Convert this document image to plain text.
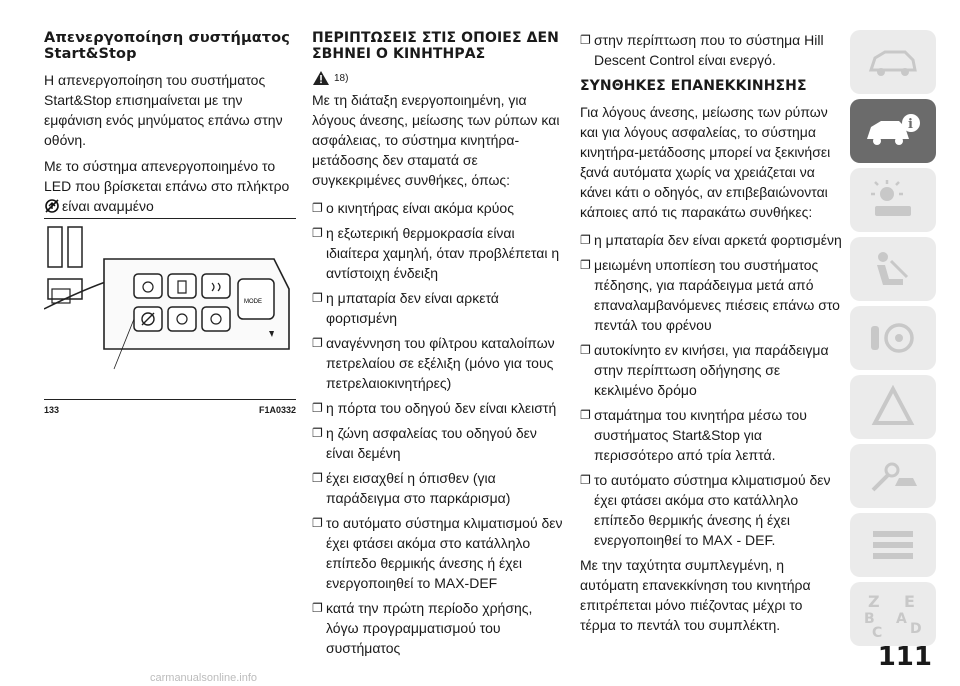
Απενεργοποίηση συστήματος Start&Stop
Η απενεργοποίηση του συστήματος Start&Stop επισημαίνεται με την εμφάνιση ενός μηνύματος επάνω στην οθόνη.
Με το σύστημα απενεργοποιημένο το LED που βρίσκεται επάνω στο πλήκτρο
είναι αναμμένο
MODE
133	F1A0332
ΠΕΡΙΠΤΩΣΕΙΣ ΣΤΙΣ ΟΠΟΙΕΣ ΔΕΝ ΣΒΗΝΕΙ Ο ΚΙΝΗΤΗΡΑΣ
18)
Με τη διάταξη ενεργοποιημένη, για λόγους άνεσης, μείωσης των ρύπων και ασφάλειας, το σύστημα κινητήρα-μετάδοσης δεν σταματά σε συγκεκριμένες συνθήκες, όπως:
❐ ο κινητήρας είναι ακόμα κρύος
❐ η εξωτερική θερμοκρασία είναι ιδιαίτερα χαμηλή, όταν προβλέπεται η αντίστοιχη ένδειξη
❐ η μπαταρία δεν είναι αρκετά φορτισμένη
❐ αναγέννηση του φίλτρου καταλοίπων πετρελαίου σε εξέλιξη (μόνο για τους πετρελαιοκινητήρες)
❐ η πόρτα του οδηγού δεν είναι κλειστή
❐ η ζώνη ασφαλείας του οδηγού δεν είναι δεμένη
❐ έχει εισαχθεί η όπισθεν (για παράδειγμα στο παρκάρισμα)
❐ το αυτόματο σύστημα κλιματισμού δεν έχει φτάσει ακόμα στο κατάλληλο επίπεδο θερμικής άνεσης ή έχει ενεργοποιηθεί το MAX-DEF
❐ κατά την πρώτη περίοδο χρήσης, λόγω προγραμματισμού του συστήματος
❐ στην περίπτωση που το σύστημα Hill Descent Control είναι ενεργό.
ΣΥΝΘΗΚΕΣ ΕΠΑΝΕΚΚΙΝΗΣΗΣ
Για λόγους άνεσης, μείωσης των ρύπων και για λόγους ασφαλείας, το σύστημα κινητήρα-μετάδοσης μπορεί να ξεκινήσει ξανά αυτόματα χωρίς να χρειάζεται να κάνει κάτι ο οδηγός, αν επιβεβαιώνονται κάποιες από τις παρακάτω συνθήκες:
❐ η μπαταρία δεν είναι αρκετά φορτισμένη
❐ μειωμένη υποπίεση του συστήματος πέδησης, για παράδειγμα μετά από επαναλαμβανόμενες πιέσεις επάνω στο πεντάλ του φρένου
❐ αυτοκίνητο εν κινήσει, για παράδειγμα στην περίπτωση οδήγησης σε κεκλιμένο δρόμο
❐ σταμάτημα του κινητήρα μέσω του συστήματος Start&Stop για περισσότερο από τρία λεπτά.
❐ το αυτόματο σύστημα κλιματισμού δεν έχει φτάσει ακόμα στο κατάλληλο επίπεδο θερμικής άνεσης ή έχει ενεργοποιηθεί το MAX - DEF.
Με την ταχύτητα συμπλεγμένη, η αυτόματη επανεκκίνηση του κινητήρα επιτρέπεται μόνο πιέζοντας μέχρι το τέρμα το πεντάλ του συμπλέκτη.
i
Z E
B A
C D
111
carmanualsonline.info
